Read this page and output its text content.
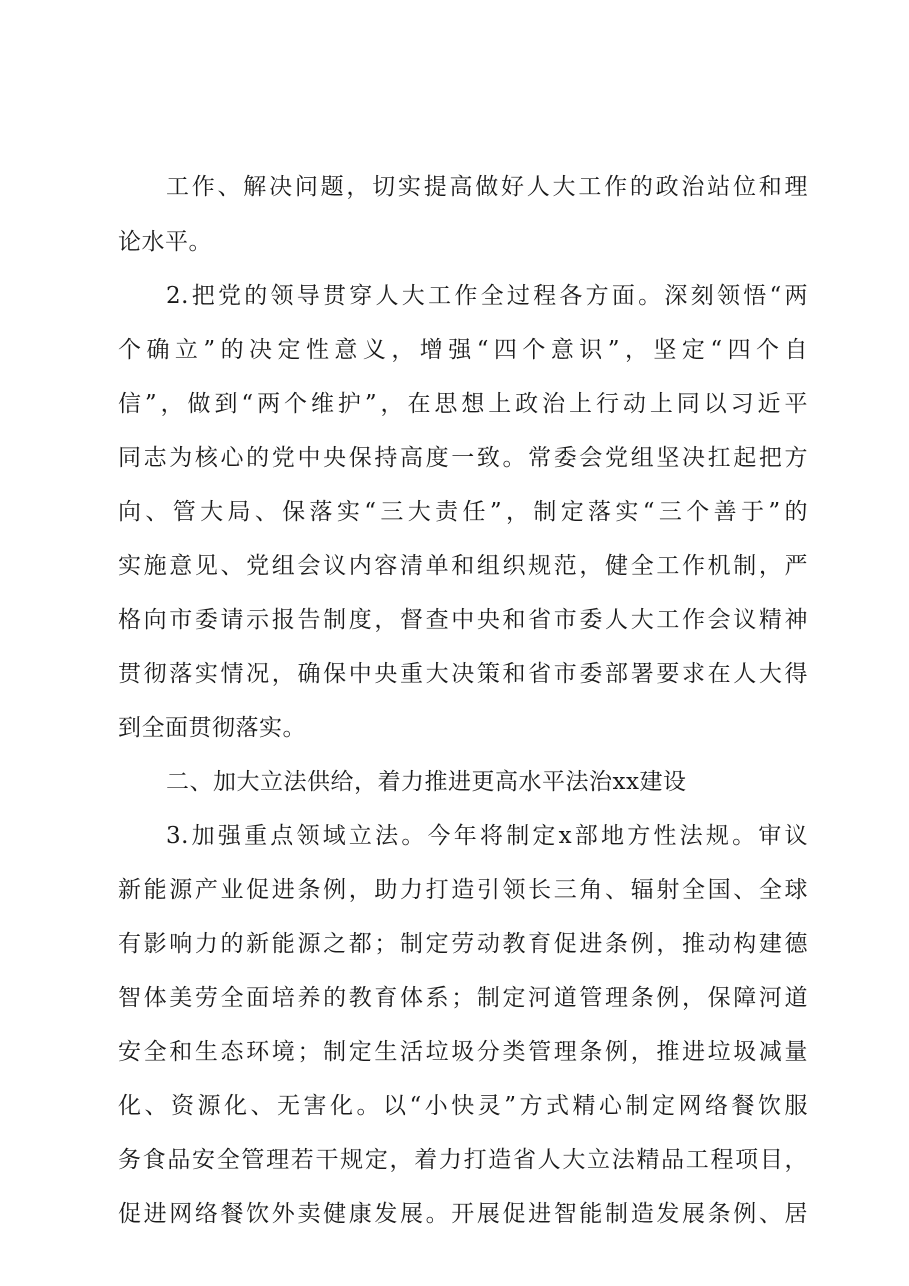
工作、解决问题，切实提高做好人大工作的政治站位和理
论水平。
2.把党的领导贯穿人大工作全过程各方面。深刻领悟“两
个确立”的决定性意义，增强“四个意识”，坚定“四个自
信”，做到“两个维护”，在思想上政治上行动上同以习近平
同志为核心的党中央保持高度一致。常委会党组坚决扛起把方
向、管大局、保落实“三大责任”，制定落实“三个善于”的
实施意见、党组会议内容清单和组织规范，健全工作机制，严
格向市委请示报告制度，督查中央和省市委人大工作会议精神
贯彻落实情况，确保中央重大决策和省市委部署要求在人大得
到全面贯彻落实。
二、加大立法供给，着力推进更高水平法治xx建设
3.加强重点领域立法。今年将制定x部地方性法规。审议
新能源产业促进条例，助力打造引领长三角、辐射全国、全球
有影响力的新能源之都；制定劳动教育促进条例，推动构建德
智体美劳全面培养的教育体系；制定河道管理条例，保障河道
安全和生态环境；制定生活垃圾分类管理条例，推进垃圾减量
化、资源化、无害化。以“小快灵”方式精心制定网络餐饮服
务食品安全管理若干规定，着力打造省人大立法精品工程项目，
促进网络餐饮外卖健康发展。开展促进智能制造发展条例、居
